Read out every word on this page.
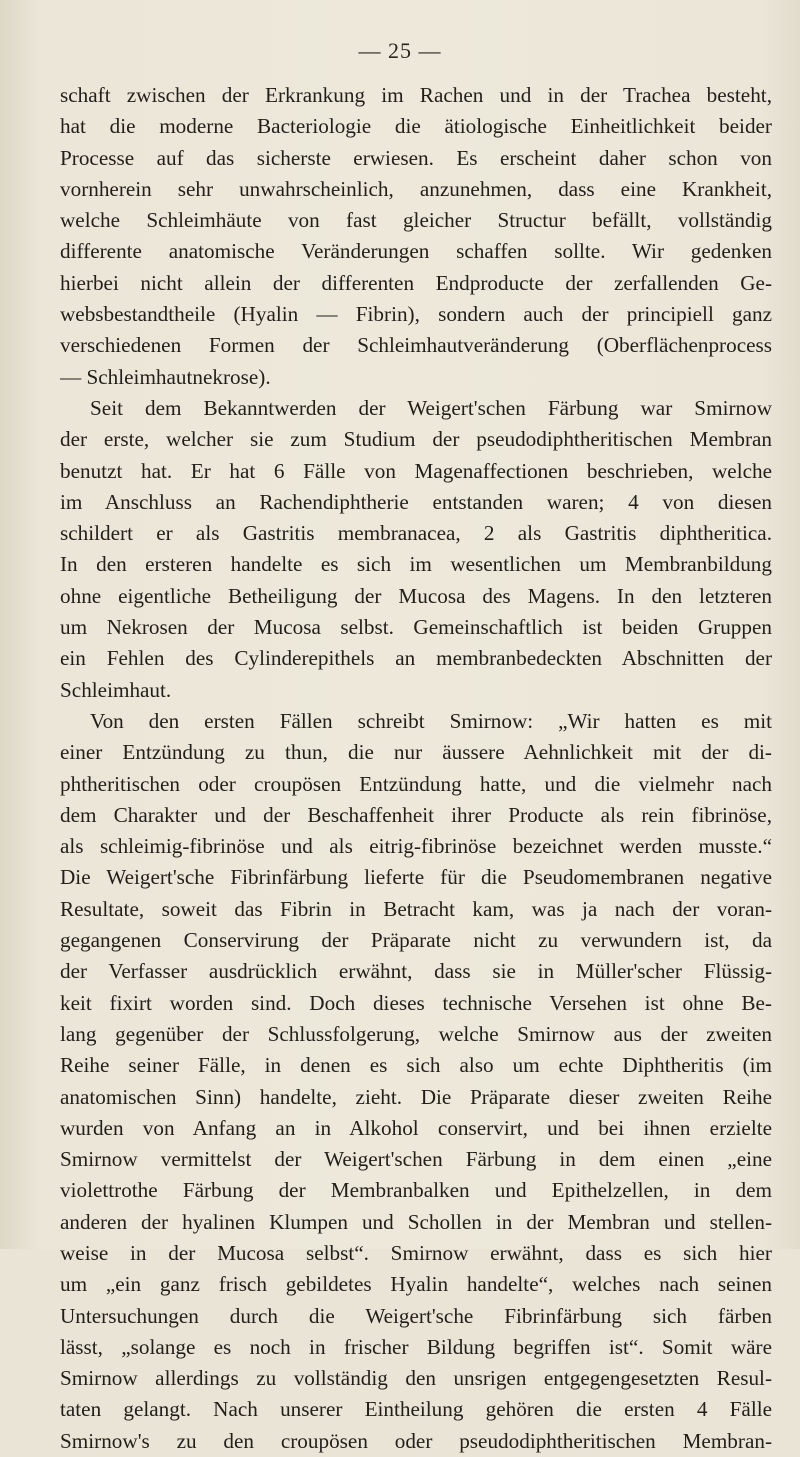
— 25 —
schaft zwischen der Erkrankung im Rachen und in der Trachea besteht,
hat die moderne Bacteriologie die ätiologische Einheitlichkeit beider
Processe auf das sicherste erwiesen. Es erscheint daher schon von
vornherein sehr unwahrscheinlich, anzunehmen, dass eine Krankheit,
welche Schleimhäute von fast gleicher Structur befällt, vollständig
differente anatomische Veränderungen schaffen sollte. Wir gedenken
hierbei nicht allein der differenten Endproducte der zerfallenden Ge-
websbestandtheile (Hyalin — Fibrin), sondern auch der principiell ganz
verschiedenen Formen der Schleimhautveränderung (Oberflächenprocess
— Schleimhautnekrose).
Seit dem Bekanntwerden der Weigert'schen Färbung war Smirnow
der erste, welcher sie zum Studium der pseudodiphtheritischen Membran
benutzt hat. Er hat 6 Fälle von Magenaffectionen beschrieben, welche
im Anschluss an Rachendiphtherie entstanden waren; 4 von diesen
schildert er als Gastritis membranacea, 2 als Gastritis diphtheritica.
In den ersteren handelte es sich im wesentlichen um Membranbildung
ohne eigentliche Betheiligung der Mucosa des Magens. In den letzteren
um Nekrosen der Mucosa selbst. Gemeinschaftlich ist beiden Gruppen
ein Fehlen des Cylinderepithels an membranbedeckten Abschnitten der
Schleimhaut.
Von den ersten Fällen schreibt Smirnow: „Wir hatten es mit
einer Entzündung zu thun, die nur äussere Aehnlichkeit mit der di-
phtheritischen oder croupösen Entzündung hatte, und die vielmehr nach
dem Charakter und der Beschaffenheit ihrer Producte als rein fibrinöse,
als schleimig-fibrinöse und als eitrig-fibrinöse bezeichnet werden musste.“
Die Weigert'sche Fibrinfärbung lieferte für die Pseudomembranen negative
Resultate, soweit das Fibrin in Betracht kam, was ja nach der voran-
gegangenen Conservirung der Präparate nicht zu verwundern ist, da
der Verfasser ausdrücklich erwähnt, dass sie in Müller'scher Flüssig-
keit fixirt worden sind. Doch dieses technische Versehen ist ohne Be-
lang gegenüber der Schlussfolgerung, welche Smirnow aus der zweiten
Reihe seiner Fälle, in denen es sich also um echte Diphtheritis (im
anatomischen Sinn) handelte, zieht. Die Präparate dieser zweiten Reihe
wurden von Anfang an in Alkohol conservirt, und bei ihnen erzielte
Smirnow vermittelst der Weigert'schen Färbung in dem einen „eine
violettrothe Färbung der Membranbalken und Epithelzellen, in dem
anderen der hyalinen Klumpen und Schollen in der Membran und stellen-
weise in der Mucosa selbst“. Smirnow erwähnt, dass es sich hier
um „ein ganz frisch gebildetes Hyalin handelte“, welches nach seinen
Untersuchungen durch die Weigert'sche Fibrinfärbung sich färben
lässt, „solange es noch in frischer Bildung begriffen ist“. Somit wäre
Smirnow allerdings zu vollständig den unsrigen entgegengesetzten Resul-
taten gelangt. Nach unserer Eintheilung gehören die ersten 4 Fälle
Smirnow's zu den croupösen oder pseudodiphtheritischen Membran-
